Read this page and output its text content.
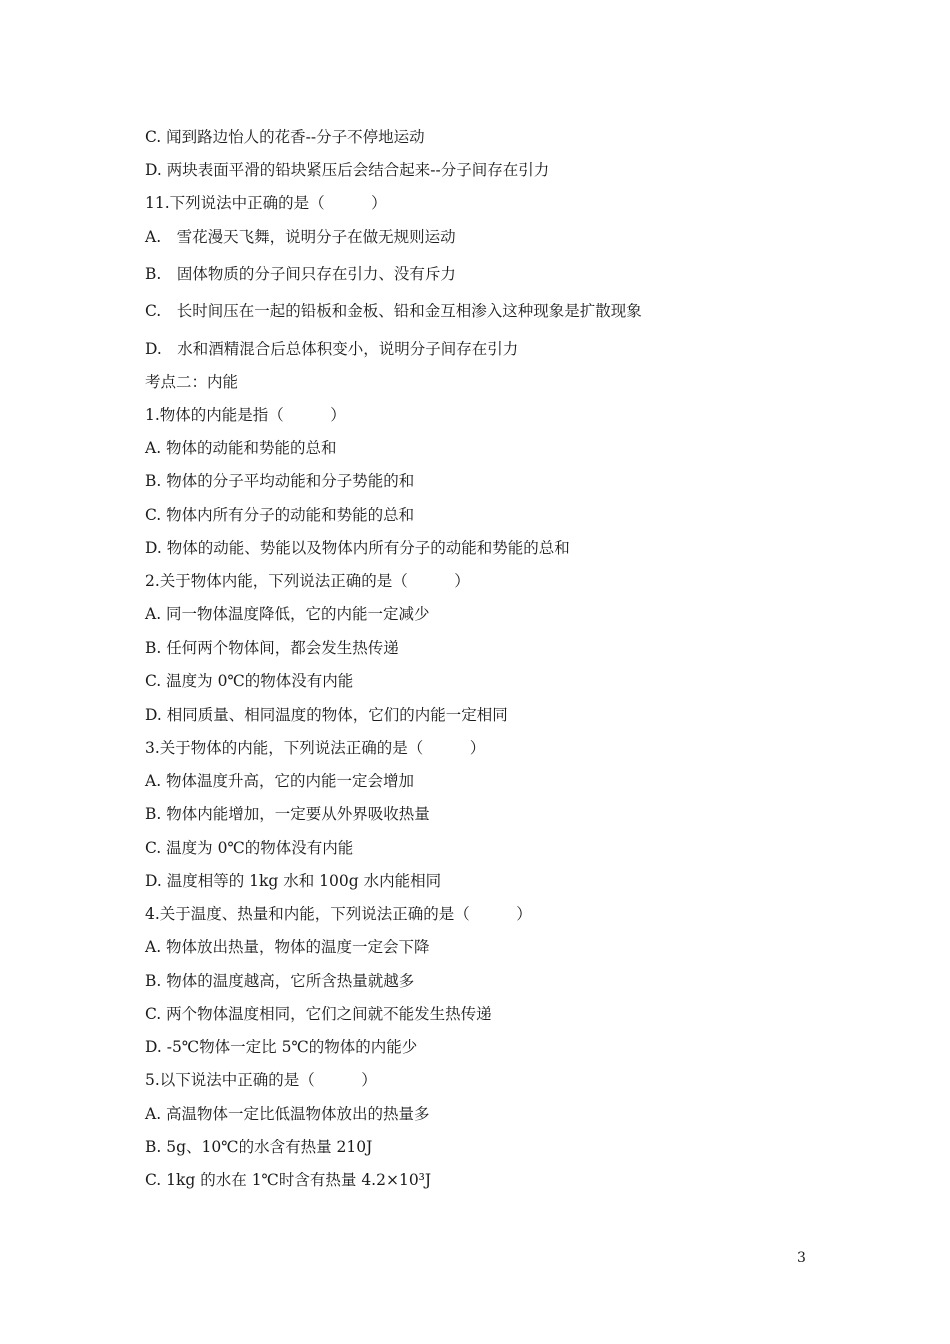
C. 闻到路边怡人的花香--分子不停地运动
D. 两块表面平滑的铅块紧压后会结合起来--分子间存在引力
11.下列说法中正确的是（　　　）
A.　雪花漫天飞舞，说明分子在做无规则运动
B.　固体物质的分子间只存在引力、没有斥力
C.　长时间压在一起的铅板和金板、铅和金互相渗入这种现象是扩散现象
D.　水和酒精混合后总体积变小，说明分子间存在引力
考点二：内能
1.物体的内能是指（　　　）
A. 物体的动能和势能的总和
B. 物体的分子平均动能和分子势能的和
C. 物体内所有分子的动能和势能的总和
D. 物体的动能、势能以及物体内所有分子的动能和势能的总和
2.关于物体内能，下列说法正确的是（　　　）
A. 同一物体温度降低，它的内能一定减少
B. 任何两个物体间，都会发生热传递
C. 温度为 0℃的物体没有内能
D. 相同质量、相同温度的物体，它们的内能一定相同
3.关于物体的内能，下列说法正确的是（　　　）
A. 物体温度升高，它的内能一定会增加
B. 物体内能增加，一定要从外界吸收热量
C. 温度为 0℃的物体没有内能
D. 温度相等的 1kg 水和 100g 水内能相同
4.关于温度、热量和内能，下列说法正确的是（　　　）
A. 物体放出热量，物体的温度一定会下降
B. 物体的温度越高，它所含热量就越多
C. 两个物体温度相同，它们之间就不能发生热传递
D. -5℃物体一定比 5℃的物体的内能少
5.以下说法中正确的是（　　　）
A. 高温物体一定比低温物体放出的热量多
B. 5g、10℃的水含有热量 210J
C. 1kg 的水在 1℃时含有热量 4.2×10³J
3
